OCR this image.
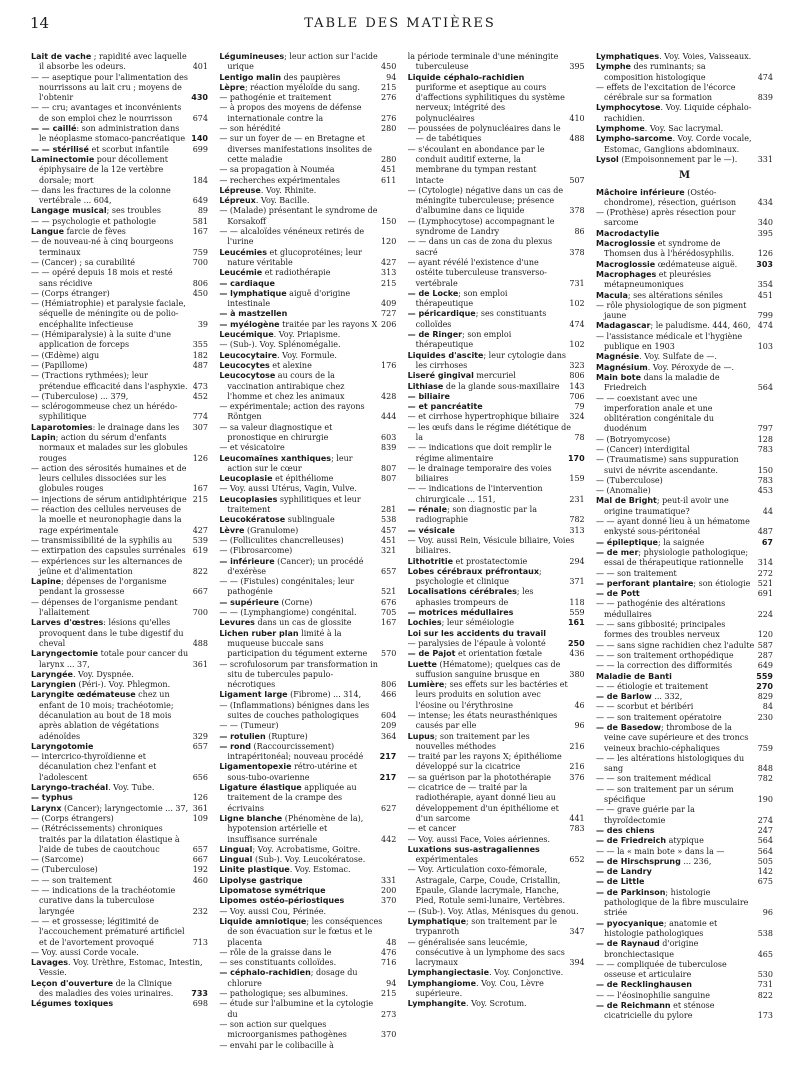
14	TABLE DES MATIÈRES
Lait de vache ; rapidité avec laquelle il absorbe les odeurs.	401
— — aseptique pour l'alimentation des nourrissons au lait cru ; moyens de l'obtenir	430
— — cru; avantages et inconvénients de son emploi chez le nourrisson	674
— — caillé: son administration dans le néoplasme stomaco-pancréatique 140
— — stérilisé et scorbut infantile	699
Laminectomie pour décollement épiphysaire de la 12e vertèbre dorsale; mort	184
— dans les fractures de la colonne vertébrale ... 604,	649
Langage musical; ses troubles	89
— — psychologie et pathologie	581
Langue farcie de fèves	167
— de nouveau-né à cinq bourgeons terminaux	759
— (Cancer) ; sa curabilité	700
— — opéré depuis 18 mois et resté sans récidive	806
— (Corps étranger)	450
— (Hémiatrophie) et paralysie faciale, séquelle de méningite ou de polio-encéphalite infectieuse	39
— (Hémiparalysie) à la suite d'une application de forceps	355
— (Œdème) aigu	182
— (Papillome)	487
— (Tractions rythmées); leur prétendue efficacité dans l'asphyxie. 473
— (Tuberculose) ... 379,	452
— sclérogommeuse chez un hérédo-syphilitique	774
Laparotomies: le drainage dans les	307
Lapin; action du sérum d'enfants normaux et malades sur les globules rouges	126
— action des sérosités humaines et de leurs cellules dissociées sur les globules rouges	167
— injections de sérum antidiphtérique 215
— réaction des cellules nerveuses de la moelle et neuronophagie dans la rage expérimentale	427
— transmissibilité de la syphilis au	539
— extirpation des capsules surrénales 619
— expériences sur les alternances de jeûne et d'alimentation	822
Lapine; dépenses de l'organisme pendant la grossesse	667
— dépenses de l'organisme pendant l'allaitement	700
Larves d'œstres: lésions qu'elles provoquent dans le tube digestif du cheval	488
Laryngectomie totale pour cancer du larynx ... 37,	361
Laryngée. Voy. Dyspnée.
Laryngien (Péri-). Voy. Phlegmon.
Laryngite œdémateuse chez un enfant de 10 mois; trachéotomie; décanulation au bout de 18 mois après ablation de végétations adénoïdes	329
Laryngotomie	657
— intercrico-thyroïdienne et décanulation chez l'enfant et l'adolescent	656
Laryngo-trachéal. Voy. Tube.
— typhus	126
Larynx (Cancer); laryngectomie ... 37, 361
— (Corps étrangers)	109
— (Rétrécissements) chroniques traités par la dilatation élastique à l'aide de tubes de caoutchouc	657
— (Sarcome)	667
— (Tuberculose)	192
— — son traitement	460
— — indications de la trachéotomie curative dans la tuberculose laryngée	232
— — et grossesse; légitimité de l'accouchement prématuré artificiel et de l'avortement provoqué	713
— Voy. aussi Corde vocale.
Lavages. Voy. Urèthre, Estomac, Intestin, Vessie.
Leçon d'ouverture de la Clinique des maladies des voies urinaires.	733
Légumes toxiques	698
Légumineuses; leur action sur l'acide urique	450
Lentigo malin des paupières	94
Lèpre; réaction myéloïde du sang.	215
— pathogénie et traitement	276
— à propos des moyens de défense internationale contre la	276
— son hérédité	280
— sur un foyer de — en Bretagne et diverses manifestations insolites de cette maladie	280
— sa propagation à Nouméa	451
— recherches expérimentales	611
Lépreuse. Voy. Rhinite.
Lépreux. Voy. Bacille.
— (Malade) présentant le syndrome de Korsakoff	150
— — alcaloïdes vénéneux retirés de l'urine	120
Leucémies et glucoprotéines; leur nature véritable	427
Leucémie et radiothérapie	313
— cardiaque	215
— lymphatique aiguë d'origine intestinale	409
— à mastzellen	727
— myélogène traitée par les rayons X 206
Leucémique. Voy. Priapisme.
— (Sub-). Voy. Splénomégalie.
Leucocytaire. Voy. Formule.
Leucocytes et alexine	176
Leucocytose au cours de la vaccination antirabique chez l'homme et chez les animaux	428
— expérimentale; action des rayons Röntgen	444
— sa valeur diagnostique et pronostique en chirurgie	603
— et vésicatoire	839
Leucomaïnes xanthiques; leur action sur le cœur	807
Leucoplasie et épithéliome	807
— Voy. aussi Utérus, Vagin, Vulve.
Leucoplasies syphilitiques et leur traitement	281
Leucokératose sublinguale	538
Lèvre (Granulome)	457
— (Folliculites chancrelleuses)	451
— (Fibrosarcome)	321
— inférieure (Cancer); un procédé d'exérèse	657
— — (Fistules) congénitales; leur pathogénie	521
— supérieure (Corne)	676
— — (Lymphangiome) congénital.	705
Levures dans un cas de glossite	167
Lichen ruber plan limité à la muqueuse buccale sans participation du tégument externe	570
— scrofulosorum par transformation in situ de tubercules papulo-nécrotiques	806
Ligament large (Fibrome) ... 314,	466
— (Inflammations) bénignes dans les suites de couches pathologiques	604
— — (Tumeur)	209
— rotulien (Rupture)	364
— rond (Raccourcissement) intrapéritonéal; nouveau procédé	217
Ligamentopexie rétro-utérine et sous-tubo-ovarienne	217
Ligature élastique appliquée au traitement de la crampe des écrivains	627
Ligne blanche (Phénomène de la), hypotension artérielle et insuffisance surrénale	442
Lingual; Voy. Acrobatisme, Goitre.
Lingual (Sub-). Voy. Leucokératose.
Linite plastique. Voy. Estomac.
Lipolyse gastrique	331
Lipomatose symétrique	200
Lipomes ostéo-périostiques	370
— Voy. aussi Cou, Périnée.
Liquide amniotique; les conséquences de son évacuation sur le fœtus et le placenta	48
— rôle de la graisse dans le	476
— ses constituants colloïdes.	716
— céphalo-rachidien; dosage du chlorure	94
— pathologique; ses albumines.	215
— étude sur l'albumine et la cytologie du	273
— son action sur quelques microorganismes pathogènes	370
— envahi par le colibacille à
la période terminale d'une méningite tuberculeuse	395
Liquide céphalo-rachidien puriforme et aseptique au cours d'affections syphilitiques du système nerveux; intégrité des polynucléaires	410
— poussées de polynucléaires dans le — de tabétiques	488
— s'écoulant en abondance par le conduit auditif externe, la membrane du tympan restant intacte	507
— (Cytologie) négative dans un cas de méningite tuberculeuse; présence d'albumine dans ce liquide	378
— (Lymphocytose) accompagnant le syndrome de Landry	86
— — dans un cas de zona du plexus sacré	378
— ayant révélé l'existence d'une ostéite tuberculeuse transverso-vertébrale	731
— de Locke; son emploi thérapeutique	102
— péricardique; ses constituants colloïdes	474
— de Ringer; son emploi thérapeutique	102
Liquides d'ascite; leur cytologie dans les cirrhoses	323
Liseré gingival mercuriel	806
Lithiase de la glande sous-maxillaire	143
— biliaire	706
— et pancréatite	79
— et cirrhose hypertrophique biliaire	324
— les œufs dans le régime diététique de la	78
— — indications que doit remplir le régime alimentaire	170
— le drainage temporaire des voies biliaires	159
— — indications de l'intervention chirurgicale ... 151,	231
— rénale; son diagnostic par la radiographie	782
— vésicale	313
— Voy. aussi Rein, Vésicule biliaire, Voies biliaires.
Lithotritie et prostatectomie	294
Lobes cérébraux préfrontaux; psychologie et clinique	371
Localisations cérébrales; les aphasies trompeurs de	118
— motrices médullaires	559
Lochies; leur séméiologie	161
Loi sur les accidents du travail
— paralysies de l'épaule à volonté	250
— de Pajot et orientation fœtale	436
Luette (Hématome); quelques cas de suffusion sanguine brusque en	380
Lumière; ses effets sur les bactéries et leurs produits en solution avec l'éosine ou l'érythrosine	46
— intense; les états neurasthéniques causés par elle	96
Lupus; son traitement par les nouvelles méthodes	216
— traité par les rayons X; épithéliome développé sur la cicatrice	216
— sa guérison par la photothérapie	376
— cicatrice de — traité par la radiothérapie, ayant donné lieu au développement d'un épithéliome et d'un sarcome	441
— et cancer	783
— Voy. aussi Face, Voies aériennes.
Luxations sus-astragaliennes expérimentales	652
— Voy. Articulation coxo-fémorale, Astragale, Carpe, Coude, Cristallin, Epaule, Glande lacrymale, Hanche, Pied, Rotule semi-lunaire, Vertèbres.
— (Sub-). Voy. Atlas, Ménisques du genou.
Lymphatique; son traitement par le trypanroth	347
— généralisée sans leucémie, consécutive à un lymphome des sacs lacrymaux	394
Lymphangiectasie. Voy. Conjonctive.
Lymphangiome. Voy. Cou, Lèvre supérieure.
Lymphangite. Voy. Scrotum.
Lymphatiques. Voy. Voies, Vaisseaux.
Lymphe des ruminants; sa composition histologique	474
— effets de l'excitation de l'écorce cérébrale sur sa formation	839
Lymphocytose. Voy. Liquide céphalo-rachidien.
Lymphome. Voy. Sac lacrymal.
Lympho-sarcome. Voy. Corde vocale, Estomac, Ganglions abdominaux.
Lysol (Empoisonnement par le —).	331
M
Mâchoire inférieure (Ostéo-chondrome), résection, guérison	434
— (Prothèse) après résection pour sarcome	340
Macrodactylie	395
Macroglossie et syndrome de Thomsen dus à l'hérédosyphilis.	126
Macroglossie œdémateuse aiguë.	303
Macrophages et pleurésies métapneumoniques	354
Macula; ses altérations séniles	451
— rôle physiologique de son pigment jaune	799
Madagascar; le paludisme. 444, 460, 474
— l'assistance médicale et l'hygiène publique en 1903	103
Magnésie. Voy. Sulfate de —.
Magnésium. Voy. Péroxyde de —.
Main bote dans la maladie de Friedreich	564
— — coexistant avec une imperforation anale et une oblitération congénitale du duodénum	797
— (Botryomycose)	128
— (Cancer) interdigital	783
— (Traumatisme) sans suppuration suivi de névrite ascendante.	150
— (Tuberculose)	783
— (Anomalie)	453
Mal de Bright; peut-il avoir une origine traumatique?	44
— — ayant donné lieu à un hématome enkysté sous-péritonéal	487
— épileptique; la saignée	67
— de mer; physiologie pathologique; essai de thérapeutique rationnelle	314
— — son traitement	272
— perforant plantaire; son étiologie 521
— de Pott	691
— — pathogénie des altérations médullaires	224
— — sans gibbosité; principales formes des troubles nerveux	120
— — sans signe rachidien chez l'adulte 587
— — son traitement orthopédique	287
— — la correction des difformités	649
Maladie de Banti	559
— — étiologie et traitement	270
— de Barlow ... 332,	829
— — scorbut et béribéri	84
— — son traitement opératoire	230
— de Basedow; thrombose de la veine cave supérieure et des troncs veineux brachio-céphaliques	759
— — les altérations histologiques du sang	848
— — son traitement médical	782
— — son traitement par un sérum spécifique	190
— — grave guérie par la thyroïdectomie	274
— des chiens	247
— de Friedreich atypique	564
— — la « main bote » dans la —	564
— de Hirschsprung ... 236,	505
— de Landry	142
— de Little	675
— de Parkinson; histologie pathologique de la fibre musculaire striée	96
— pyocyanique; anatomie et histologie pathologiques	538
— de Raynaud d'origine bronchiectasique	465
— — compliquée de tuberculose osseuse et articulaire	530
— de Recklinghausen	731
— — l'éosinophilie sanguine	822
— de Reichmann et sténose cicatricielle du pylore	173
